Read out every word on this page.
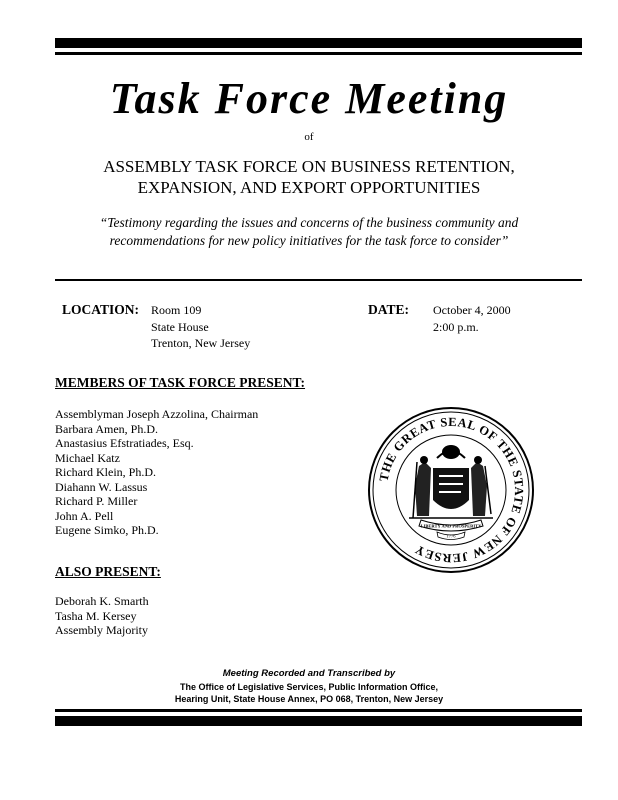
Task Force Meeting
of
ASSEMBLY TASK FORCE ON BUSINESS RETENTION,
EXPANSION, AND EXPORT OPPORTUNITIES
“Testimony regarding the issues and concerns of the business community and
recommendations for new policy initiatives for the task force to consider”
LOCATION: Room 109
State House
Trenton, New Jersey
DATE: October 4, 2000
2:00 p.m.
MEMBERS OF TASK FORCE PRESENT:
Assemblyman Joseph Azzolina, Chairman
Barbara Amen, Ph.D.
Anastasius Efstratiades, Esq.
Michael Katz
Richard Klein, Ph.D.
Diahann W. Lassus
Richard P. Miller
John A. Pell
Eugene Simko, Ph.D.
ALSO PRESENT:
Deborah K. Smarth
Tasha M. Kersey
Assembly Majority
THE GREAT SEAL OF THE STATE OF NEW JERSEY
LIBERTY AND PROSPERITY
1776
Meeting Recorded and Transcribed by
The Office of Legislative Services, Public Information Office,
Hearing Unit, State House Annex, PO 068, Trenton, New Jersey
